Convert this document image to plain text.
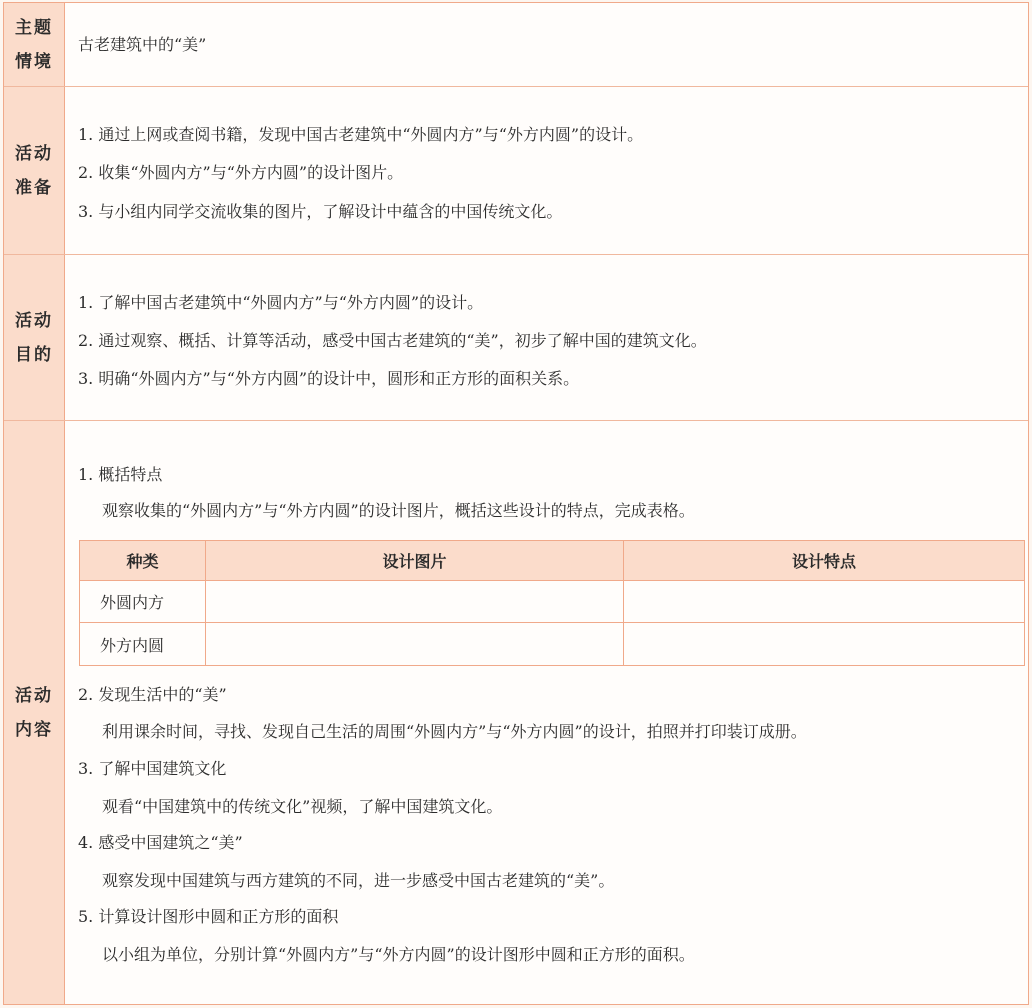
主题
情境
古老建筑中的“美”
活动
准备
1. 通过上网或查阅书籍，发现中国古老建筑中“外圆内方”与“外方内圆”的设计。
2. 收集“外圆内方”与“外方内圆”的设计图片。
3. 与小组内同学交流收集的图片，了解设计中蕴含的中国传统文化。
活动
目的
1. 了解中国古老建筑中“外圆内方”与“外方内圆”的设计。
2. 通过观察、概括、计算等活动，感受中国古老建筑的“美”，初步了解中国的建筑文化。
3. 明确“外圆内方”与“外方内圆”的设计中，圆形和正方形的面积关系。
活动
内容
1. 概括特点
观察收集的“外圆内方”与“外方内圆”的设计图片，概括这些设计的特点，完成表格。
种类	设计图片	设计特点
外圆内方
外方内圆
2. 发现生活中的“美”
利用课余时间，寻找、发现自己生活的周围“外圆内方”与“外方内圆”的设计，拍照并打印装订成册。
3. 了解中国建筑文化
观看“中国建筑中的传统文化”视频，了解中国建筑文化。
4. 感受中国建筑之“美”
观察发现中国建筑与西方建筑的不同，进一步感受中国古老建筑的“美”。
5. 计算设计图形中圆和正方形的面积
以小组为单位，分别计算“外圆内方”与“外方内圆”的设计图形中圆和正方形的面积。
